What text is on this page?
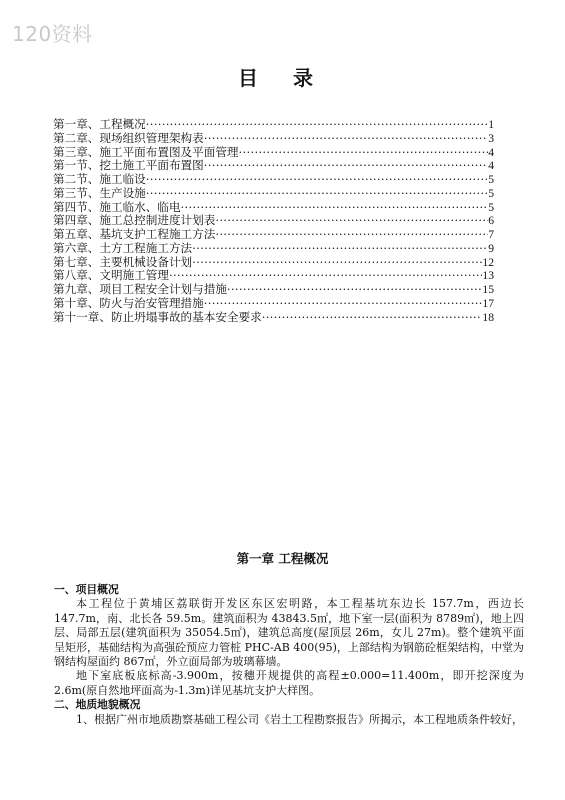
120资料
目 录
第一章、工程概况 ·····	1
第二章、现场组织管理架构表 ·····	3
第三章、施工平面布置图及平面管理 ·····	4
第一节、挖土施工平面布置图 ·····	4
第二节、施工临设 ·····	5
第三节、生产设施 ·····	5
第四节、施工临水、临电 ·····	5
第四章、施工总控制进度计划表 ·····	6
第五章、基坑支护工程施工方法 ·····	7
第六章、土方工程施工方法 ·····	9
第七章、主要机械设备计划 ·····	12
第八章、文明施工管理 ·····	13
第九章、项目工程安全计划与措施 ·····	15
第十章、防火与治安管理措施 ·····	17
第十一章、防止坍塌事故的基本安全要求 ·····	18
第一章 工程概况
一、项目概况
本工程位于黄埔区荔联街开发区东区宏明路，本工程基坑东边长 157.7m，西边长 147.7m，南、北长各 59.5m。建筑面积为 43843.5㎡，地下室一层(面积为 8789㎡)，地上四层、局部五层(建筑面积为 35054.5㎡)，建筑总高度(屋顶层 26m，女儿 27m)。整个建筑平面呈矩形，基础结构为高强砼预应力管桩 PHC-AB 400(95)，上部结构为钢筋砼框架结构，中堂为钢结构屋面约 867㎡，外立面局部为玻璃幕墙。
地下室底板底标高-3.900m，按穗开规提供的高程±0.000=11.400m，即开挖深度为 2.6m(原自然地坪面高为-1.3m)详见基坑支护大样图。
二、地质地貌概况
1、根据广州市地质勘察基础工程公司《岩土工程勘察报告》所揭示，本工程地质条件较好，
